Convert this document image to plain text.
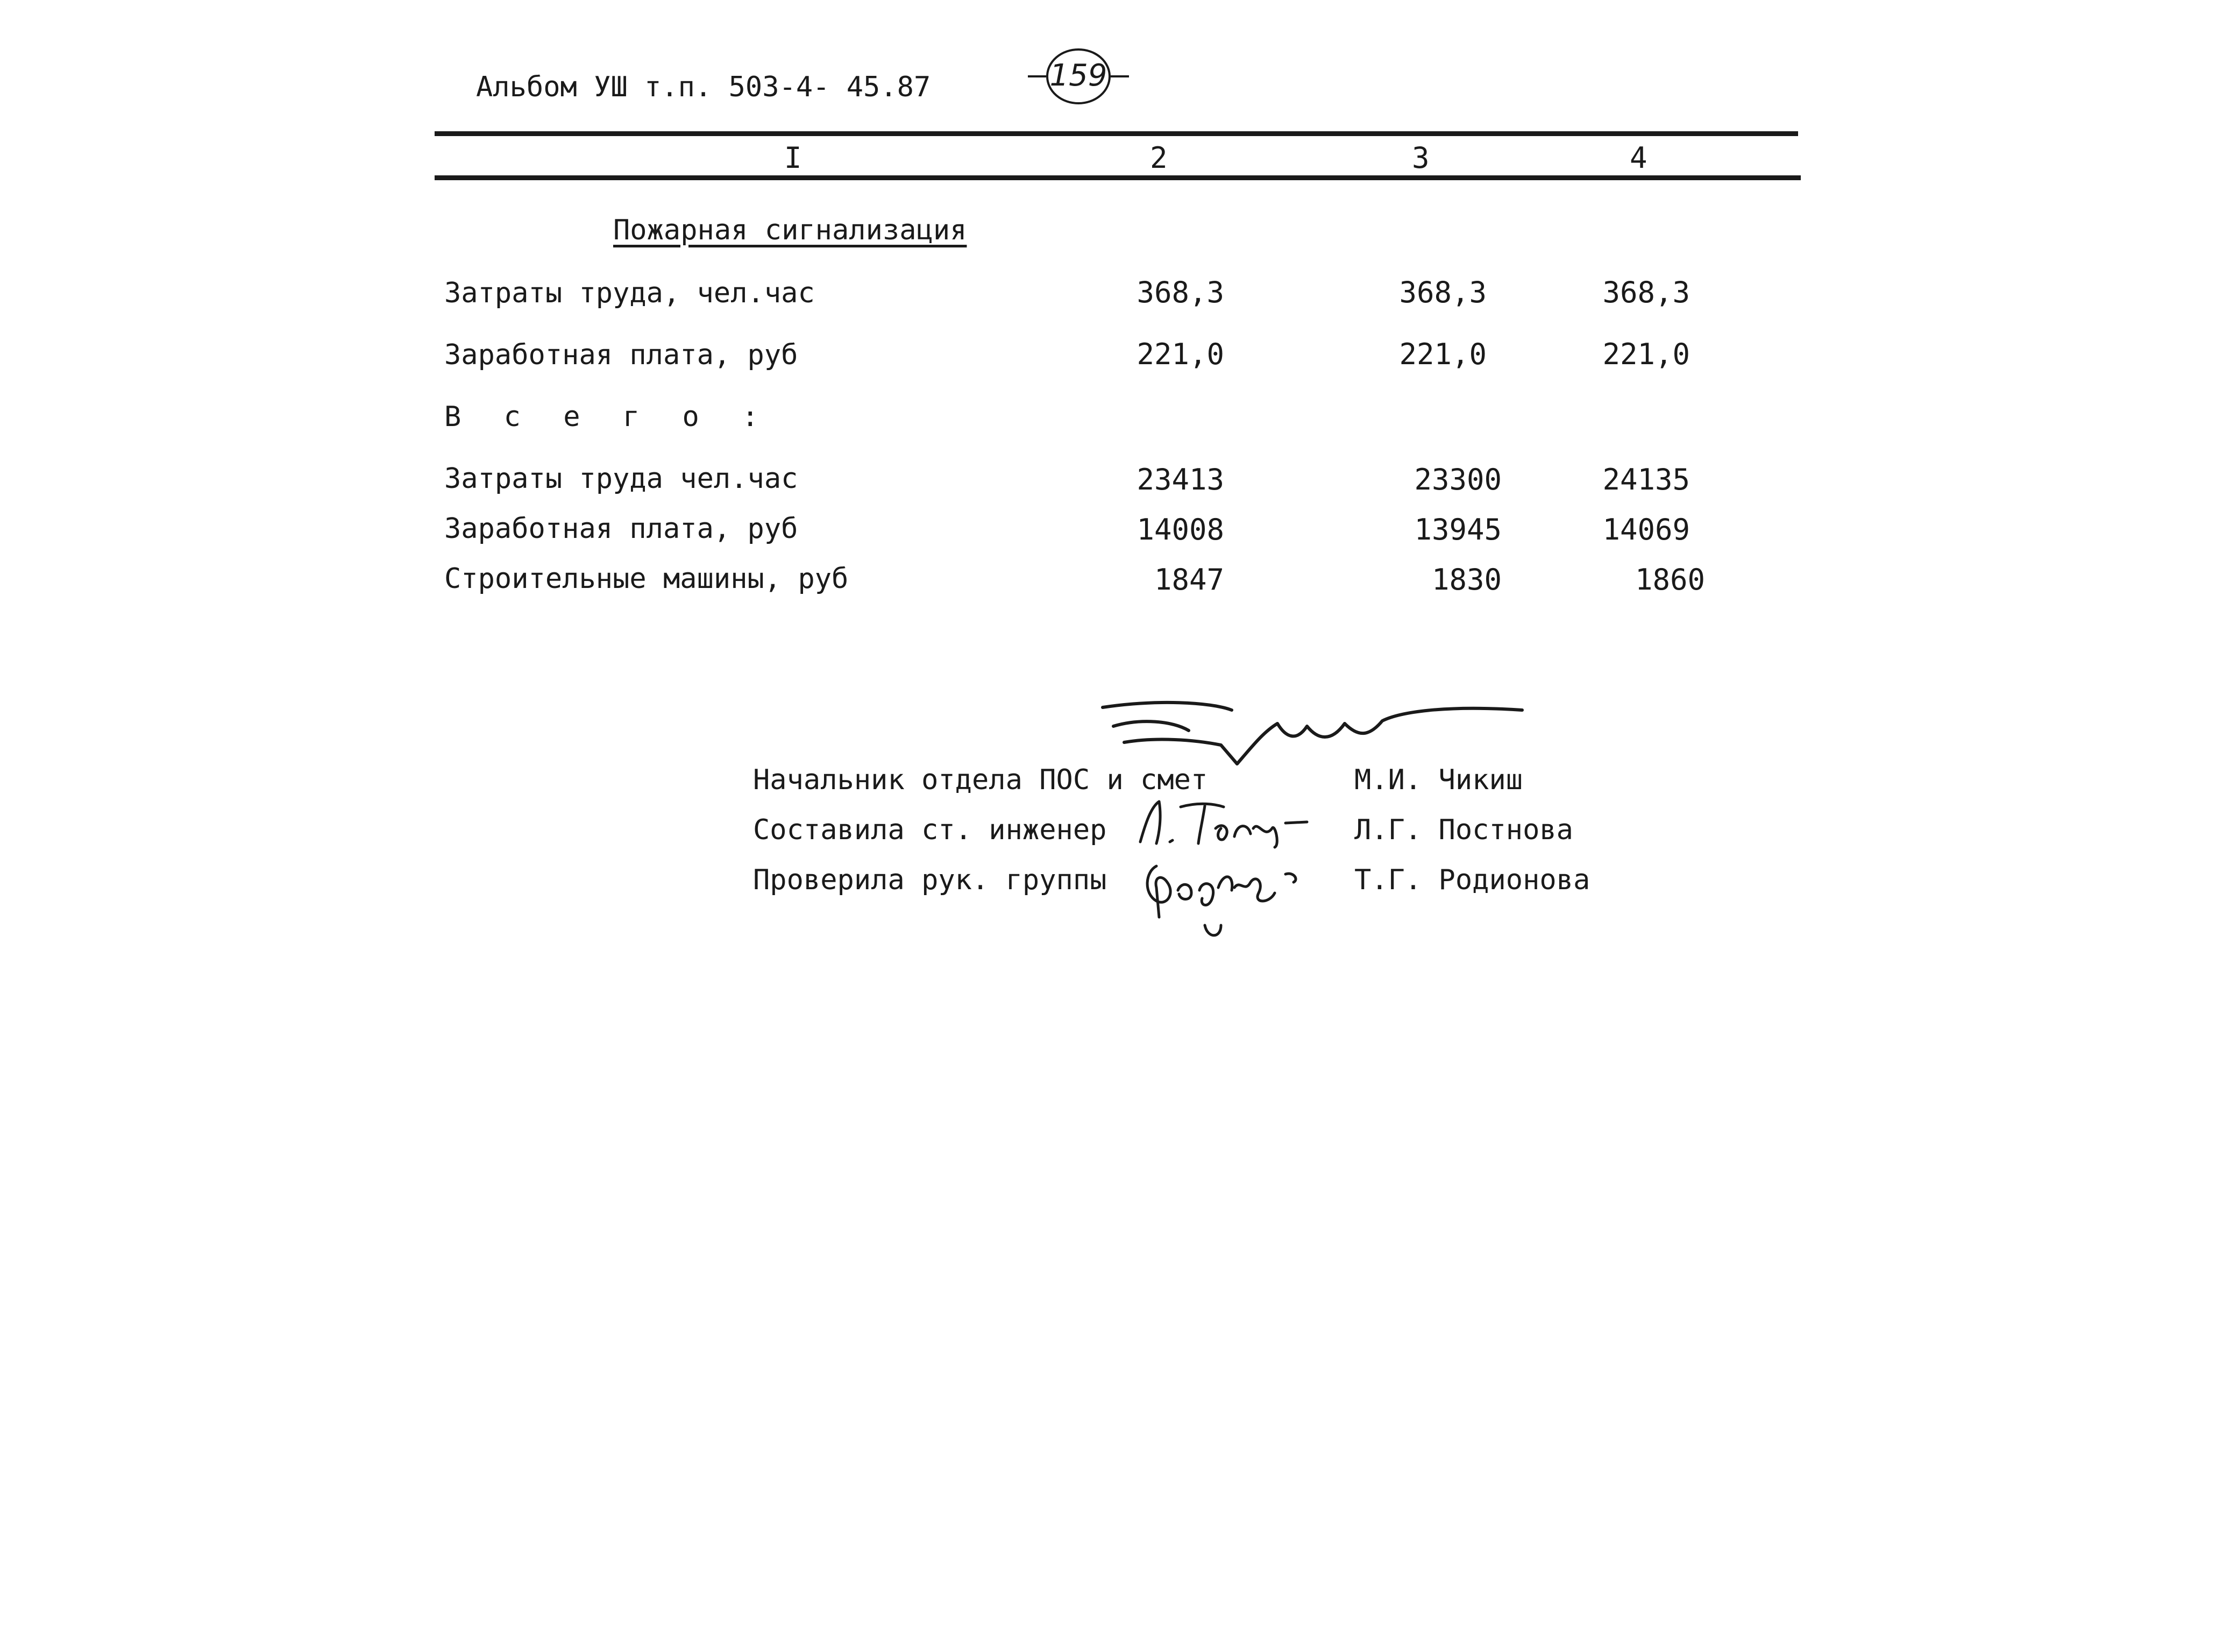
Альбом УШ т.п. 503-4- 45.87	159
I	2	3	4
Пожарная сигнализация
Затраты труда, чел.час	368,3	368,3	368,3
Заработная плата, руб	221,0	221,0	221,0
В с е г о :
Затраты труда чел.час	23413	23300	24135
Заработная плата, руб	14008	13945	14069
Строительные машины, руб	1847	1830	1860
Начальник отдела ПОС и смет	М.И. Чикиш
Составила ст. инженер	Л.Г. Постнова
Проверила рук. группы	Т.Г. Родионова
